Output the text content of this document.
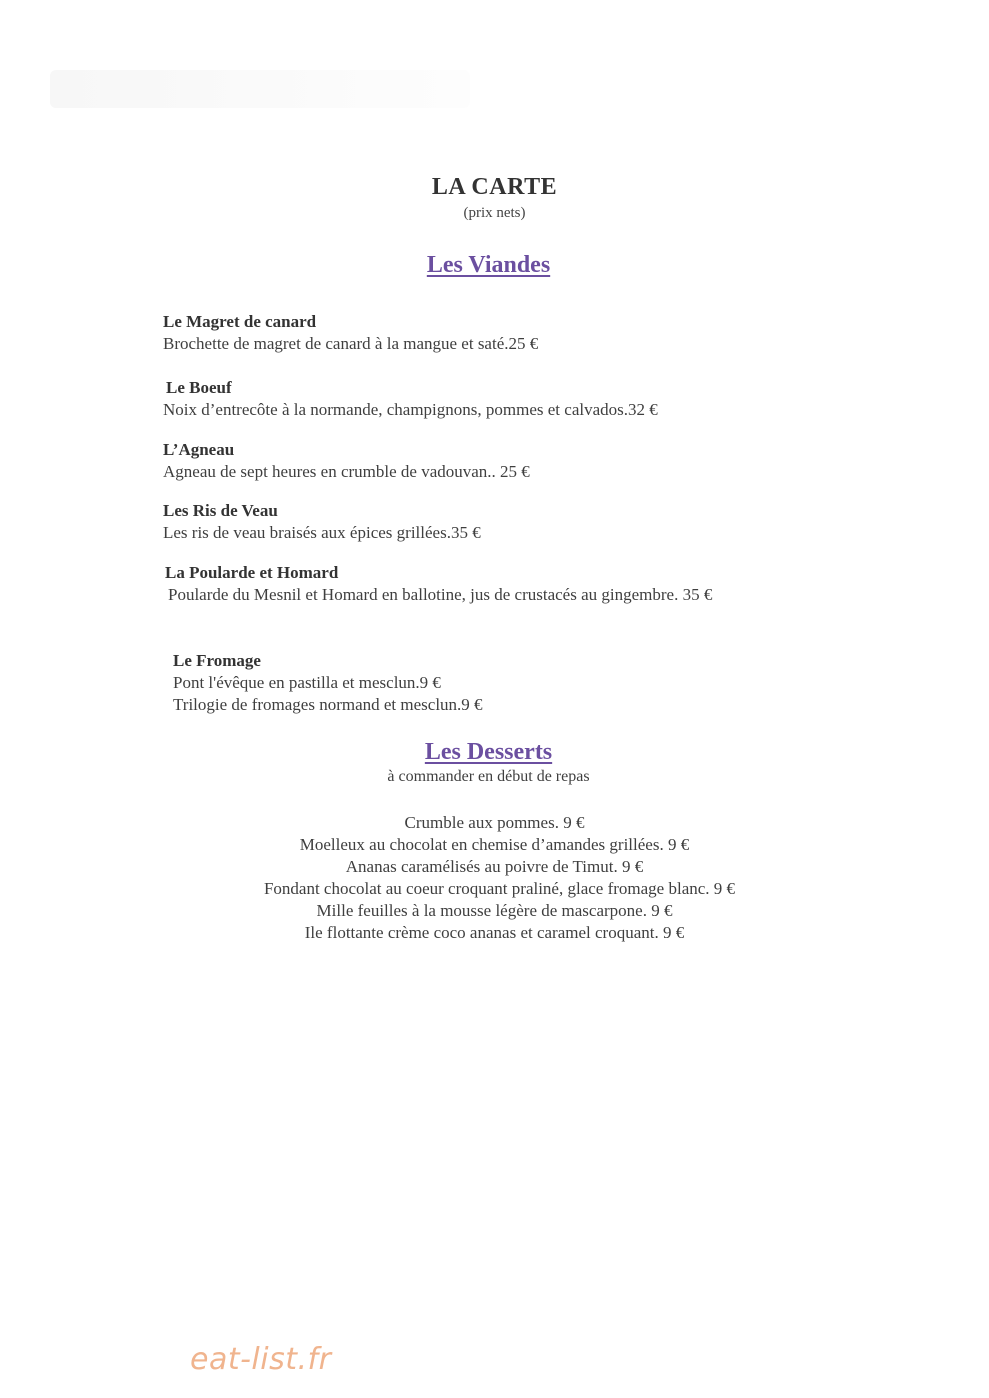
LA CARTE
(prix nets)
Les Viandes
Le Magret de canard
Brochette de magret de canard à la mangue et saté.25 €
Le Boeuf
Noix d’entrecôte à la normande, champignons, pommes et calvados.32 €
L’Agneau
Agneau de sept heures en crumble de vadouvan.. 25 €
Les Ris de Veau
Les ris de veau braisés aux épices grillées.35 €
La Poularde et Homard
Poularde du Mesnil et Homard en ballotine, jus de crustacés au gingembre. 35 €
Le Fromage
Pont l'évêque en pastilla et mesclun.9 €
Trilogie de fromages normand et mesclun.9 €
Les Desserts
à commander en début de repas
Crumble aux pommes. 9 €
Moelleux au chocolat en chemise d’amandes grillées. 9 €
Ananas caramélisés au poivre de Timut. 9 €
Fondant chocolat au coeur croquant praliné, glace fromage blanc. 9 €
Mille feuilles à la mousse légère de mascarpone. 9 €
Ile flottante crème coco ananas et caramel croquant. 9 €
eat-list.fr
